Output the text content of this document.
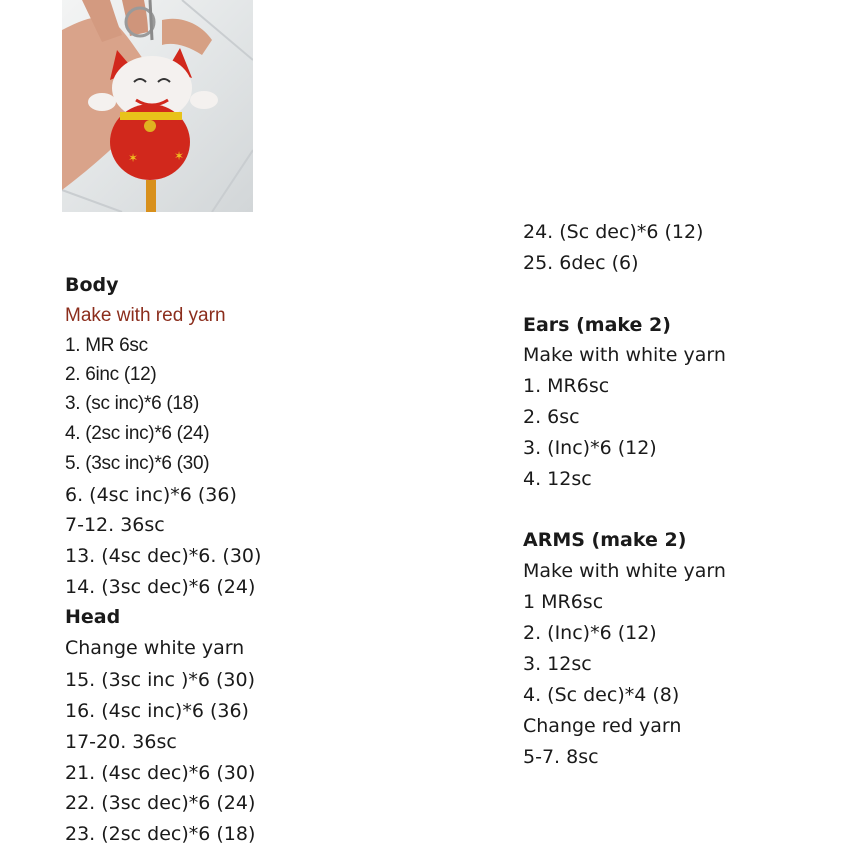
✶	✶
Body
Make with red yarn
1. MR 6sc
2. 6inc (12)
3. (sc inc)*6 (18)
4. (2sc inc)*6 (24)
5. (3sc inc)*6 (30)
6. (4sc inc)*6 (36)
7-12. 36sc
13. (4sc dec)*6. (30)
14. (3sc dec)*6 (24)
Head
Change white yarn
15. (3sc inc )*6 (30)
16. (4sc inc)*6 (36)
17-20. 36sc
21. (4sc dec)*6 (30)
22. (3sc dec)*6 (24)
23. (2sc dec)*6 (18)
24. (Sc dec)*6 (12)
25. 6dec (6)
Ears (make 2)
Make with white yarn
1. MR6sc
2. 6sc
3. (Inc)*6 (12)
4. 12sc
ARMS (make 2)
Make with white yarn
1 MR6sc
2. (Inc)*6 (12)
3. 12sc
4. (Sc dec)*4 (8)
Change red yarn
5-7. 8sc
